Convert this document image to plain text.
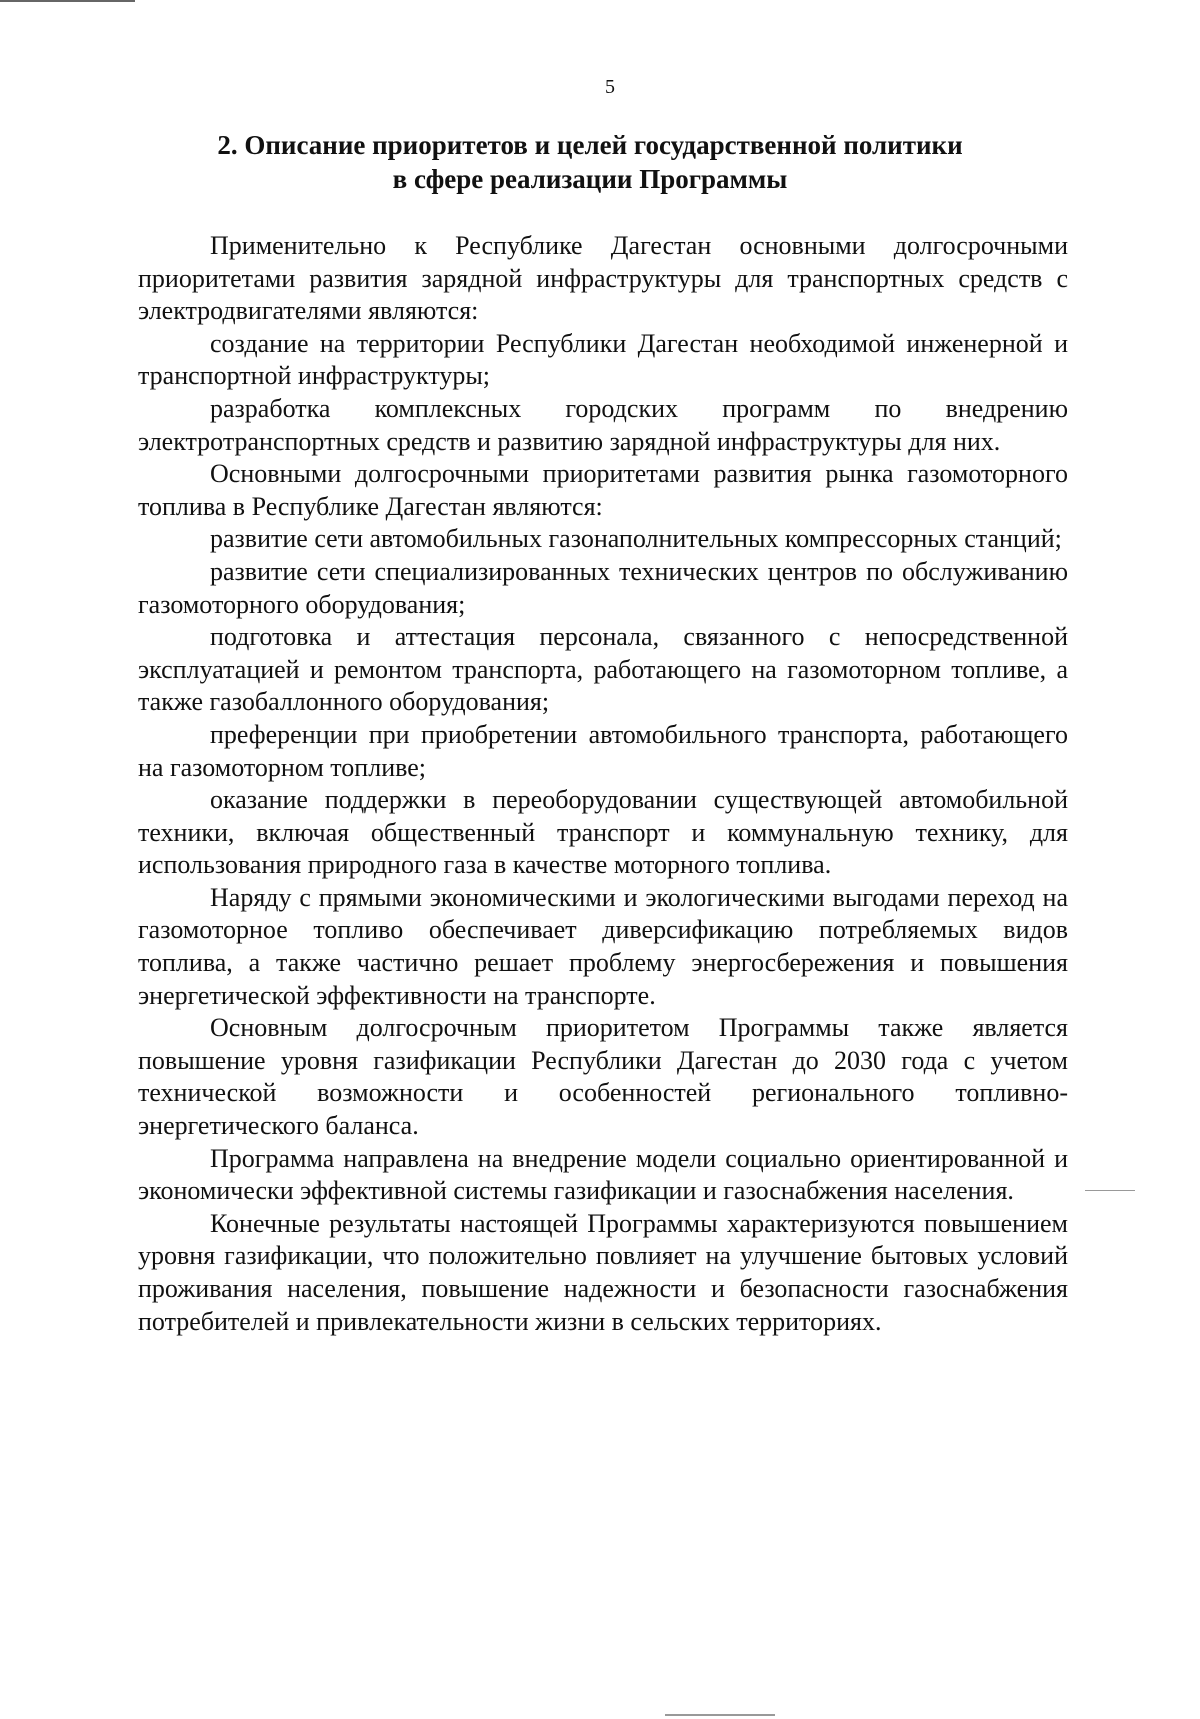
5
2. Описание приоритетов и целей государственной политики
в сфере реализации Программы

Применительно к Республике Дагестан основными долгосрочными приоритетами развития зарядной инфраструктуры для транспортных средств с электродвигателями являются:

создание на территории Республики Дагестан необходимой инженерной и транспортной инфраструктуры;

разработка комплексных городских программ по внедрению электротранспортных средств и развитию зарядной инфраструктуры для них.

Основными долгосрочными приоритетами развития рынка газомоторного топлива в Республике Дагестан являются:

развитие сети автомобильных газонаполнительных компрессорных станций;

развитие сети специализированных технических центров по обслуживанию газомоторного оборудования;

подготовка и аттестация персонала, связанного с непосредственной эксплуатацией и ремонтом транспорта, работающего на газомоторном топливе, а также газобаллонного оборудования;

преференции при приобретении автомобильного транспорта, работающего на газомоторном топливе;

оказание поддержки в переоборудовании существующей автомобильной техники, включая общественный транспорт и коммунальную технику, для использования природного газа в качестве моторного топлива.

Наряду с прямыми экономическими и экологическими выгодами переход на газомоторное топливо обеспечивает диверсификацию потребляемых видов топлива, а также частично решает проблему энергосбережения и повышения энергетической эффективности на транспорте.

Основным долгосрочным приоритетом Программы также является повышение уровня газификации Республики Дагестан до 2030 года с учетом технической возможности и особенностей регионального топливно-энергетического баланса.

Программа направлена на внедрение модели социально ориентированной и экономически эффективной системы газификации и газоснабжения населения.

Конечные результаты настоящей Программы характеризуются повышением уровня газификации, что положительно повлияет на улучшение бытовых условий проживания населения, повышение надежности и безопасности газоснабжения потребителей и привлекательности жизни в сельских территориях.
